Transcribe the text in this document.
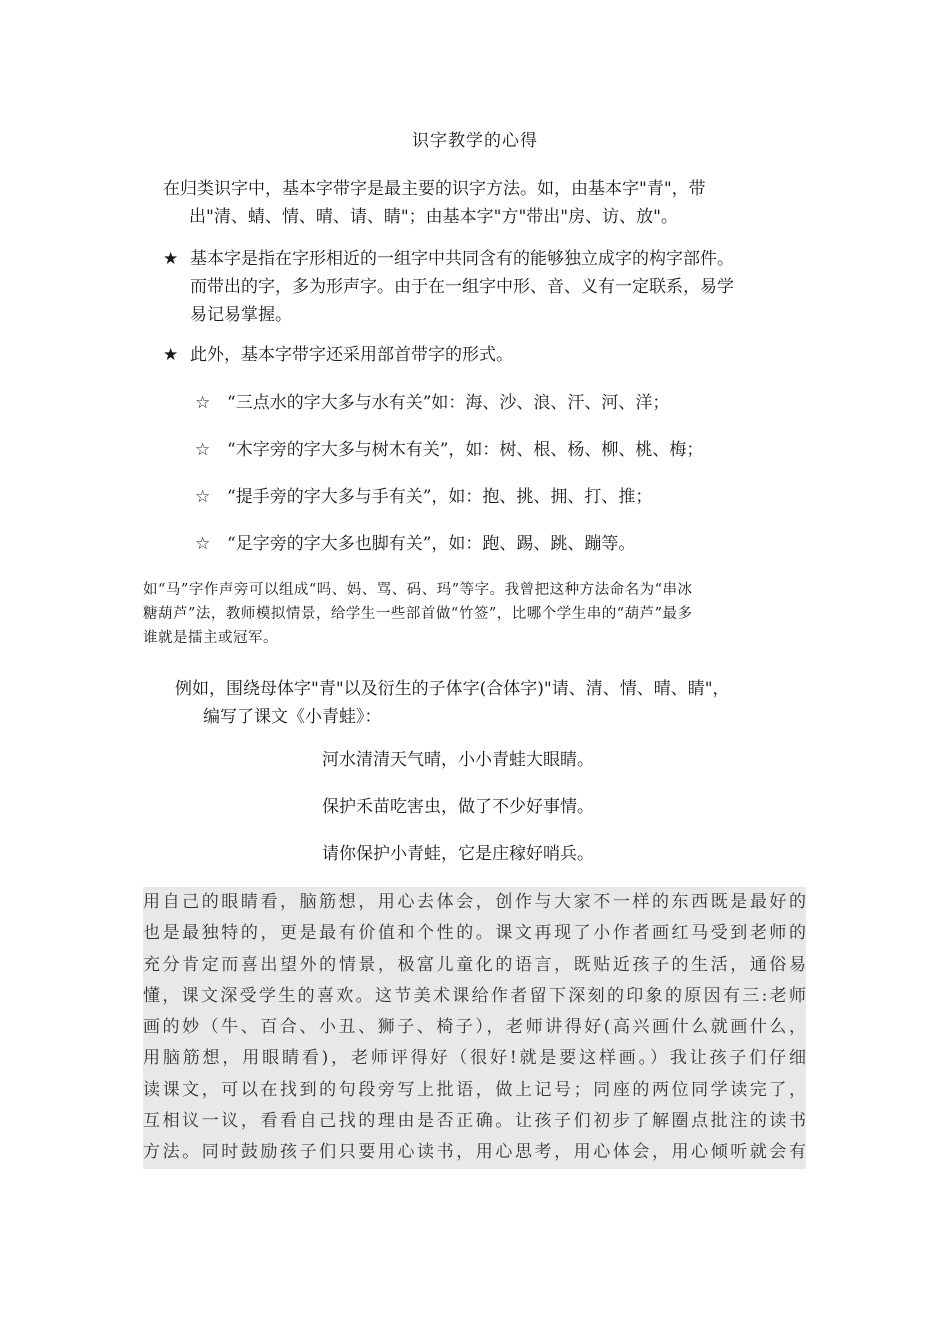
识字教学的心得
在归类识字中，基本字带字是最主要的识字方法。如，由基本字"青"，带
出"清、蜻、情、晴、请、睛"；由基本字"方"带出"房、访、放"。
★ 基本字是指在字形相近的一组字中共同含有的能够独立成字的构字部件。
而带出的字，多为形声字。由于在一组字中形、音、义有一定联系，易学
易记易掌握。
★ 此外，基本字带字还采用部首带字的形式。
☆ “三点水的字大多与水有关”如：海、沙、浪、汗、河、洋；
☆ “木字旁的字大多与树木有关”，如：树、根、杨、柳、桃、梅；
☆ “提手旁的字大多与手有关”，如：抱、挑、拥、打、推；
☆ “足字旁的字大多也脚有关”，如：跑、踢、跳、蹦等。
如“马”字作声旁可以组成“吗、妈、骂、码、玛”等字。我曾把这种方法命名为“串冰
糖葫芦”法，教师模拟情景，给学生一些部首做“竹签”，比哪个学生串的“葫芦”最多
谁就是擂主或冠军。
例如，围绕母体字"青"以及衍生的子体字(合体字)"请、清、情、晴、睛"，
编写了课文《小青蛙》：
河水清清天气晴，小小青蛙大眼睛。
保护禾苗吃害虫，做了不少好事情。
请你保护小青蛙，它是庄稼好哨兵。
用自己的眼睛看，脑筋想，用心去体会，创作与大家不一样的东西既是最好的
也是最独特的，更是最有价值和个性的。课文再现了小作者画红马受到老师的
充分肯定而喜出望外的情景，极富儿童化的语言，既贴近孩子的生活，通俗易
懂，课文深受学生的喜欢。这节美术课给作者留下深刻的印象的原因有三:老师
画的妙（牛、百合、小丑、狮子、椅子），老师讲得好(高兴画什么就画什么，
用脑筋想，用眼睛看)，老师评得好（很好!就是要这样画。）我让孩子们仔细
读课文，可以在找到的句段旁写上批语，做上记号；同座的两位同学读完了，
互相议一议，看看自己找的理由是否正确。让孩子们初步了解圈点批注的读书
方法。同时鼓励孩子们只要用心读书，用心思考，用心体会，用心倾听就会有
